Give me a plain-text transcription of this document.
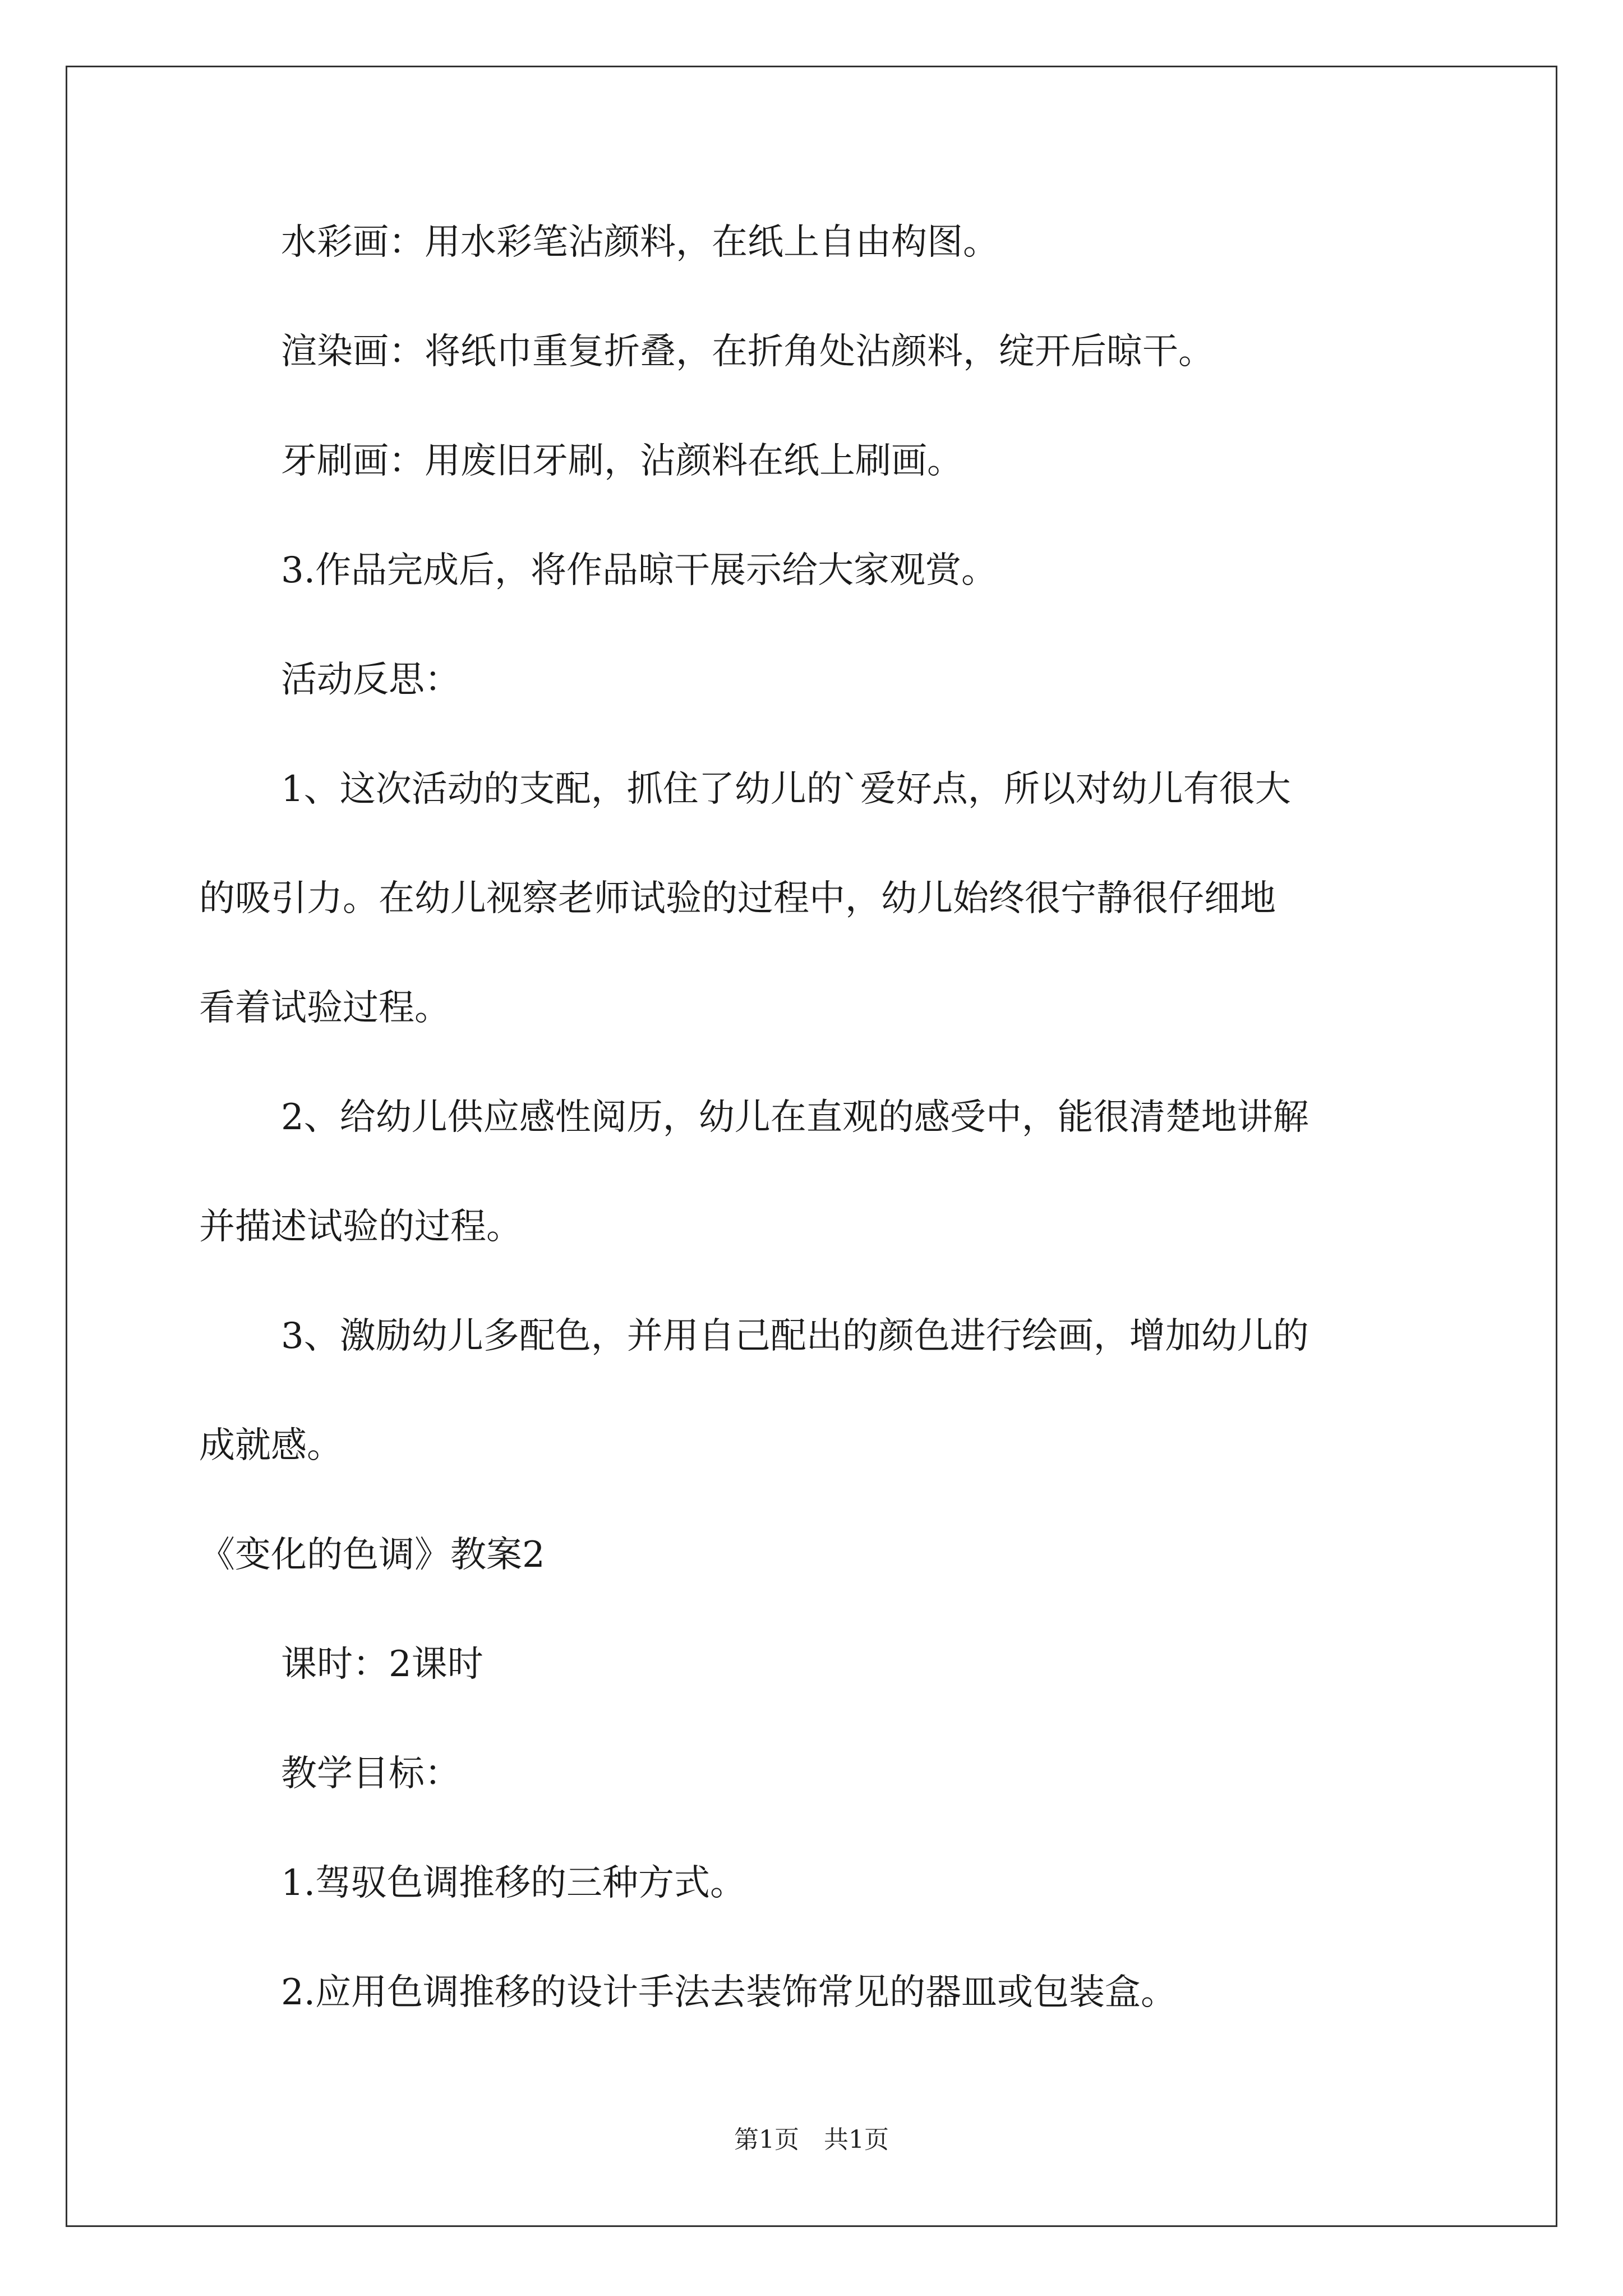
水彩画：用水彩笔沾颜料，在纸上自由构图。

渲染画：将纸巾重复折叠，在折角处沾颜料，绽开后晾干。

牙刷画：用废旧牙刷，沾颜料在纸上刷画。

3.作品完成后，将作品晾干展示给大家观赏。

活动反思：

1、这次活动的支配，抓住了幼儿的`爱好点，所以对幼儿有很大

的吸引力。在幼儿视察老师试验的过程中，幼儿始终很宁静很仔细地

看着试验过程。

2、给幼儿供应感性阅历，幼儿在直观的感受中，能很清楚地讲解

并描述试验的过程。

3、激励幼儿多配色，并用自己配出的颜色进行绘画，增加幼儿的

成就感。

《变化的色调》教案2

课时：2课时

教学目标：

1.驾驭色调推移的三种方式。

2.应用色调推移的设计手法去装饰常见的器皿或包装盒。

第1页　共1页
